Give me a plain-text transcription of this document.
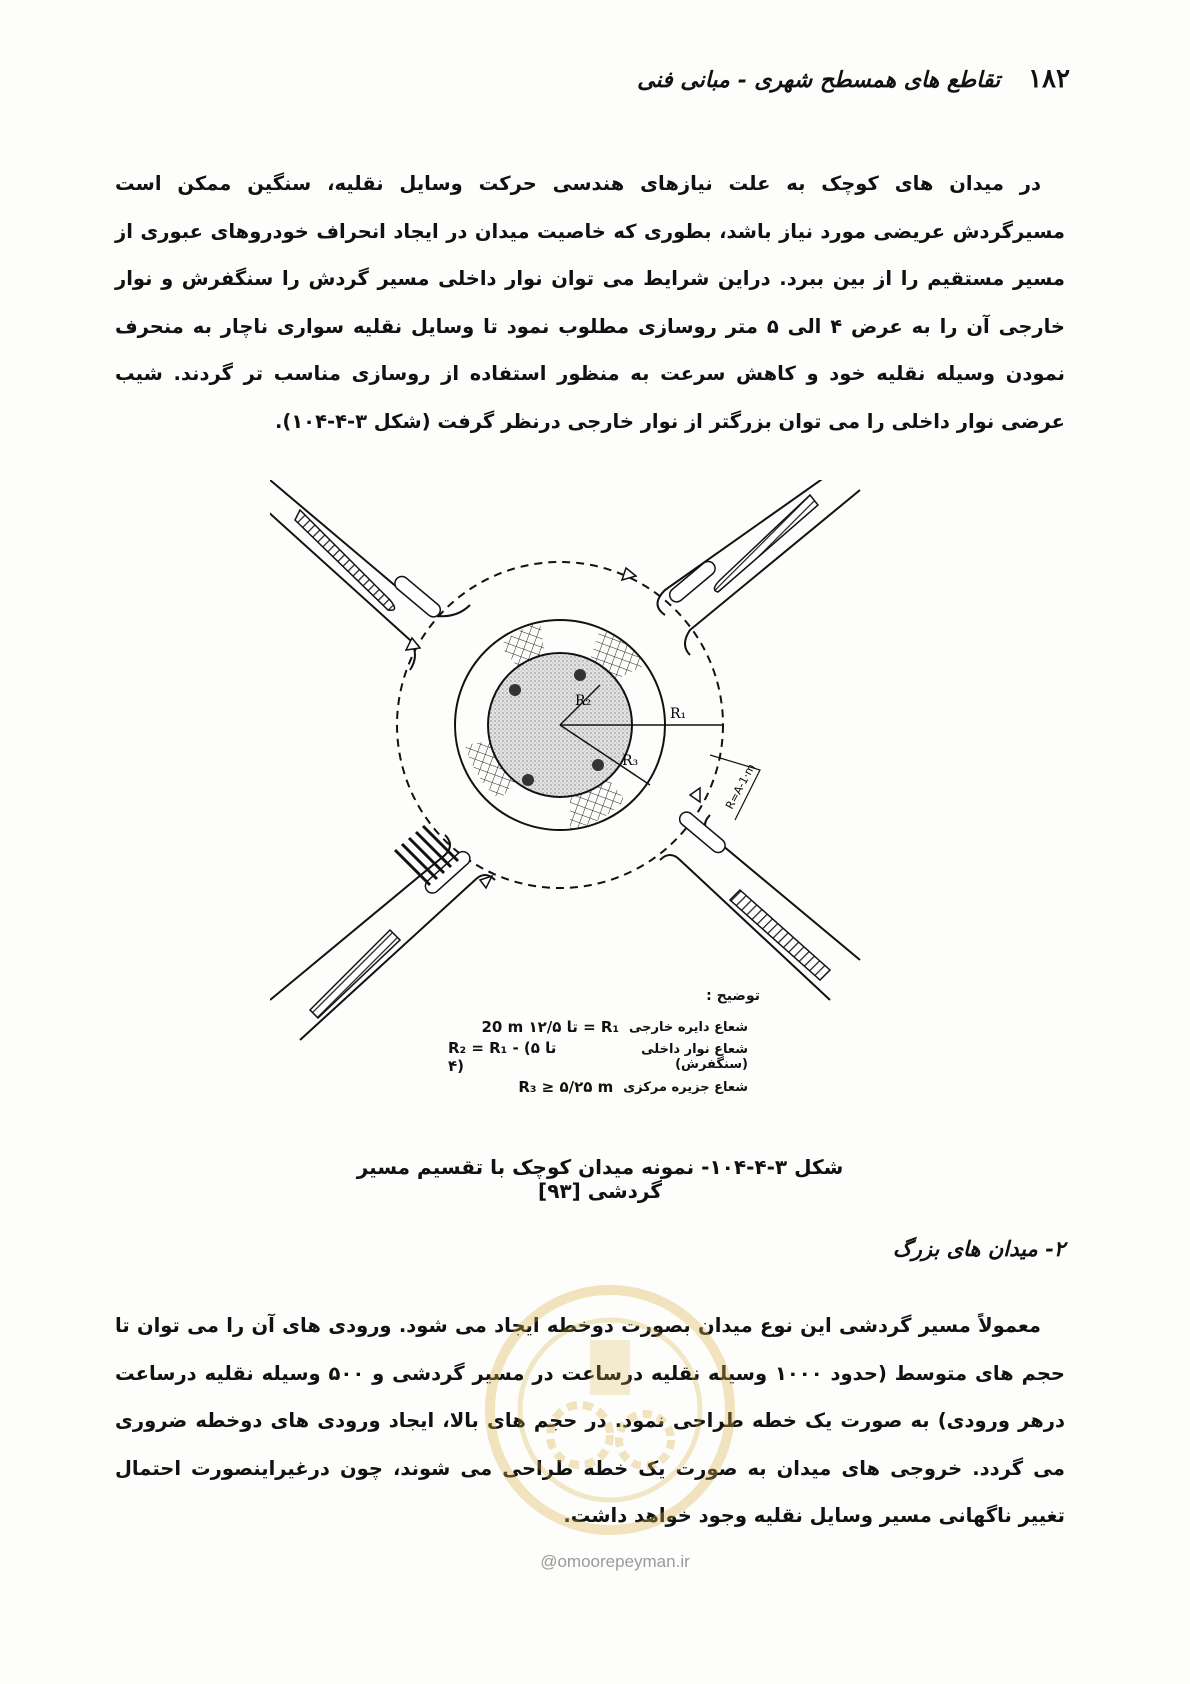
۱۸۲
تقاطع های همسطح شهری - مبانی فنی

در میدان های کوچک به علت نیازهای هندسی حرکت وسایل نقلیه، سنگین ممکن است مسیرگردش عریضی مورد نیاز باشد، بطوری که خاصیت میدان در ایجاد انحراف خودروهای عبوری از مسیر مستقیم را از بین ببرد. دراین شرایط می توان نوار داخلی مسیر گردش را سنگفرش و نوار خارجی آن را به عرض ۴ الی ۵ متر روسازی مطلوب نمود تا وسایل نقلیه سواری ناچار به منحرف نمودن وسیله نقلیه خود و کاهش سرعت به منظور استفاده از روسازی مناسب تر گردند. شیب عرضی نوار داخلی را می توان بزرگتر از نوار خارجی درنظر گرفت (شکل ۳-۴-۱۰۴).

R₂
R₁
R₃
R=A-1·m
توضیح :
شعاع دایره خارجی
20 m تا ۱۲/۵ = R₁
شعاع نوار داخلی (سنگفرش)
R₂ = R₁ - (۵ تا ۴)
شعاع جزیره مرکزی
R₃ ≥ ۵/۲۵ m
شکل ۳-۴-۱۰۴- نمونه میدان کوچک با تقسیم مسیر گردشی [۹۳]
۲- میدان های بزرگ

معمولاً مسیر گردشی این نوع میدان بصورت دوخطه ایجاد می شود. ورودی های آن را می توان تا حجم های متوسط (حدود ۱۰۰۰ وسیله نقلیه درساعت در مسیر گردشی و ۵۰۰ وسیله نقلیه درساعت درهر ورودی) به صورت یک خطه طراحی نمود. در حجم های بالا، ایجاد ورودی های دوخطه ضروری می گردد. خروجی های میدان به صورت یک خطه طراحی می شوند، چون درغیراینصورت احتمال تغییر ناگهانی مسیر وسایل نقلیه وجود خواهد داشت.

@omoorepeyman.ir
